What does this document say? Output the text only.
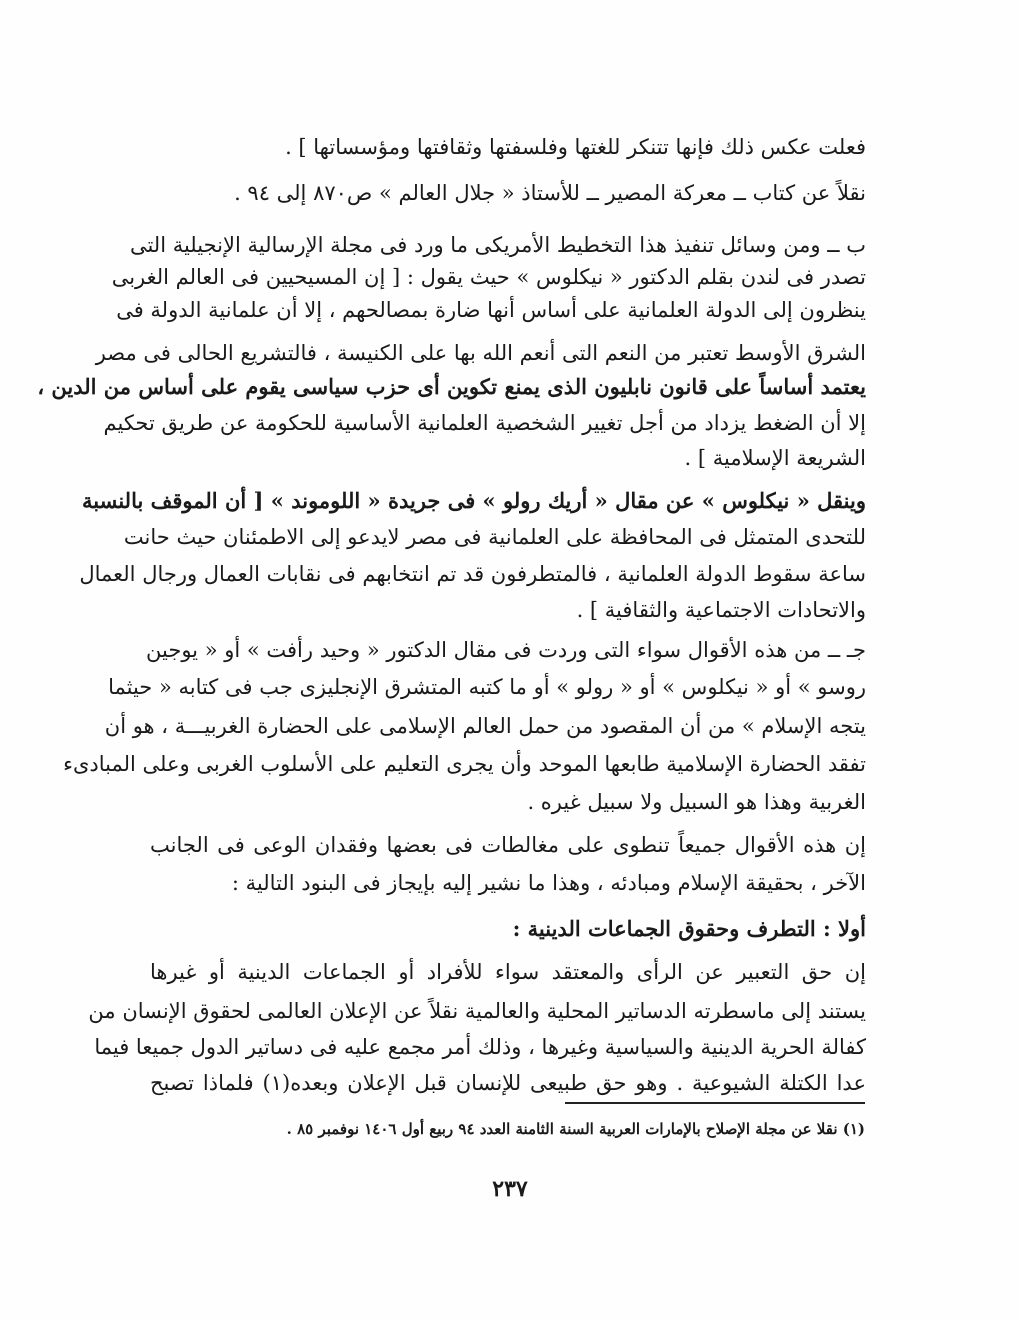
فعلت عكس ذلك فإنها تتنكر للغتها وفلسفتها وثقافتها ومؤسساتها ] .
نقلاً عن كتاب ــ معركة المصير ــ للأستاذ « جلال العالم » ص٨٧٠ إلى ٩٤ .
ب ــ ومن وسائل تنفيذ هذا التخطيط الأمريكى ما ورد فى مجلة الإرسالية الإنجيلية التى
تصدر فى لندن بقلم الدكتور « نيكلوس » حيث يقول : [ إن المسيحيين فى العالم الغربى
ينظرون إلى الدولة العلمانية على أساس أنها ضارة بمصالحهم ، إلا أن علمانية الدولة فى
الشرق الأوسط تعتبر من النعم التى أنعم الله بها على الكنيسة ، فالتشريع الحالى فى مصر
يعتمد أساساً على قانون نابليون الذى يمنع تكوين أى حزب سياسى يقوم على أساس من الدين ،
إلا أن الضغط يزداد من أجل تغيير الشخصية العلمانية الأساسية للحكومة عن طريق تحكيم
الشريعة الإسلامية ] .
وينقل « نيكلوس » عن مقال « أريك رولو » فى جريدة « اللوموند » [ أن الموقف بالنسبة
للتحدى المتمثل فى المحافظة على العلمانية فى مصر لايدعو إلى الاطمئنان حيث حانت
ساعة سقوط الدولة العلمانية ، فالمتطرفون قد تم انتخابهم فى نقابات العمال ورجال العمال
والاتحادات الاجتماعية والثقافية ] .
جـ ــ من هذه الأقوال سواء التى وردت فى مقال الدكتور « وحيد رأفت » أو « يوجين
روسو » أو « نيكلوس » أو « رولو » أو ما كتبه المتشرق الإنجليزى جب فى كتابه « حيثما
يتجه الإسلام » من أن المقصود من حمل العالم الإسلامى على الحضارة الغربيـــة ، هو أن
تفقد الحضارة الإسلامية طابعها الموحد وأن يجرى التعليم على الأسلوب الغربى وعلى المبادىء
الغربية وهذا هو السبيل ولا سبيل غيره .
إن هذه الأقوال جميعاً تنطوى على مغالطات فى بعضها وفقدان الوعى فى الجانب
الآخر ، بحقيقة الإسلام ومبادئه ، وهذا ما نشير إليه بإيجاز فى البنود التالية :
أولا : التطرف وحقوق الجماعات الدينية :
إن حق التعبير عن الرأى والمعتقد سواء للأفراد أو الجماعات الدينية أو غيرها
يستند إلى ماسطرته الدساتير المحلية والعالمية نقلاً عن الإعلان العالمى لحقوق الإنسان من
كفالة الحرية الدينية والسياسية وغيرها ، وذلك أمر مجمع عليه فى دساتير الدول جميعا فيما
عدا الكتلة الشيوعية . وهو حق طبيعى للإنسان قبل الإعلان وبعده(١) فلماذا تصبح
(١) نقلا عن مجلة الإصلاح بالإمارات العربية السنة الثامنة العدد ٩٤ ربيع أول ١٤٠٦ نوفمبر ٨٥ .
٢٣٧
